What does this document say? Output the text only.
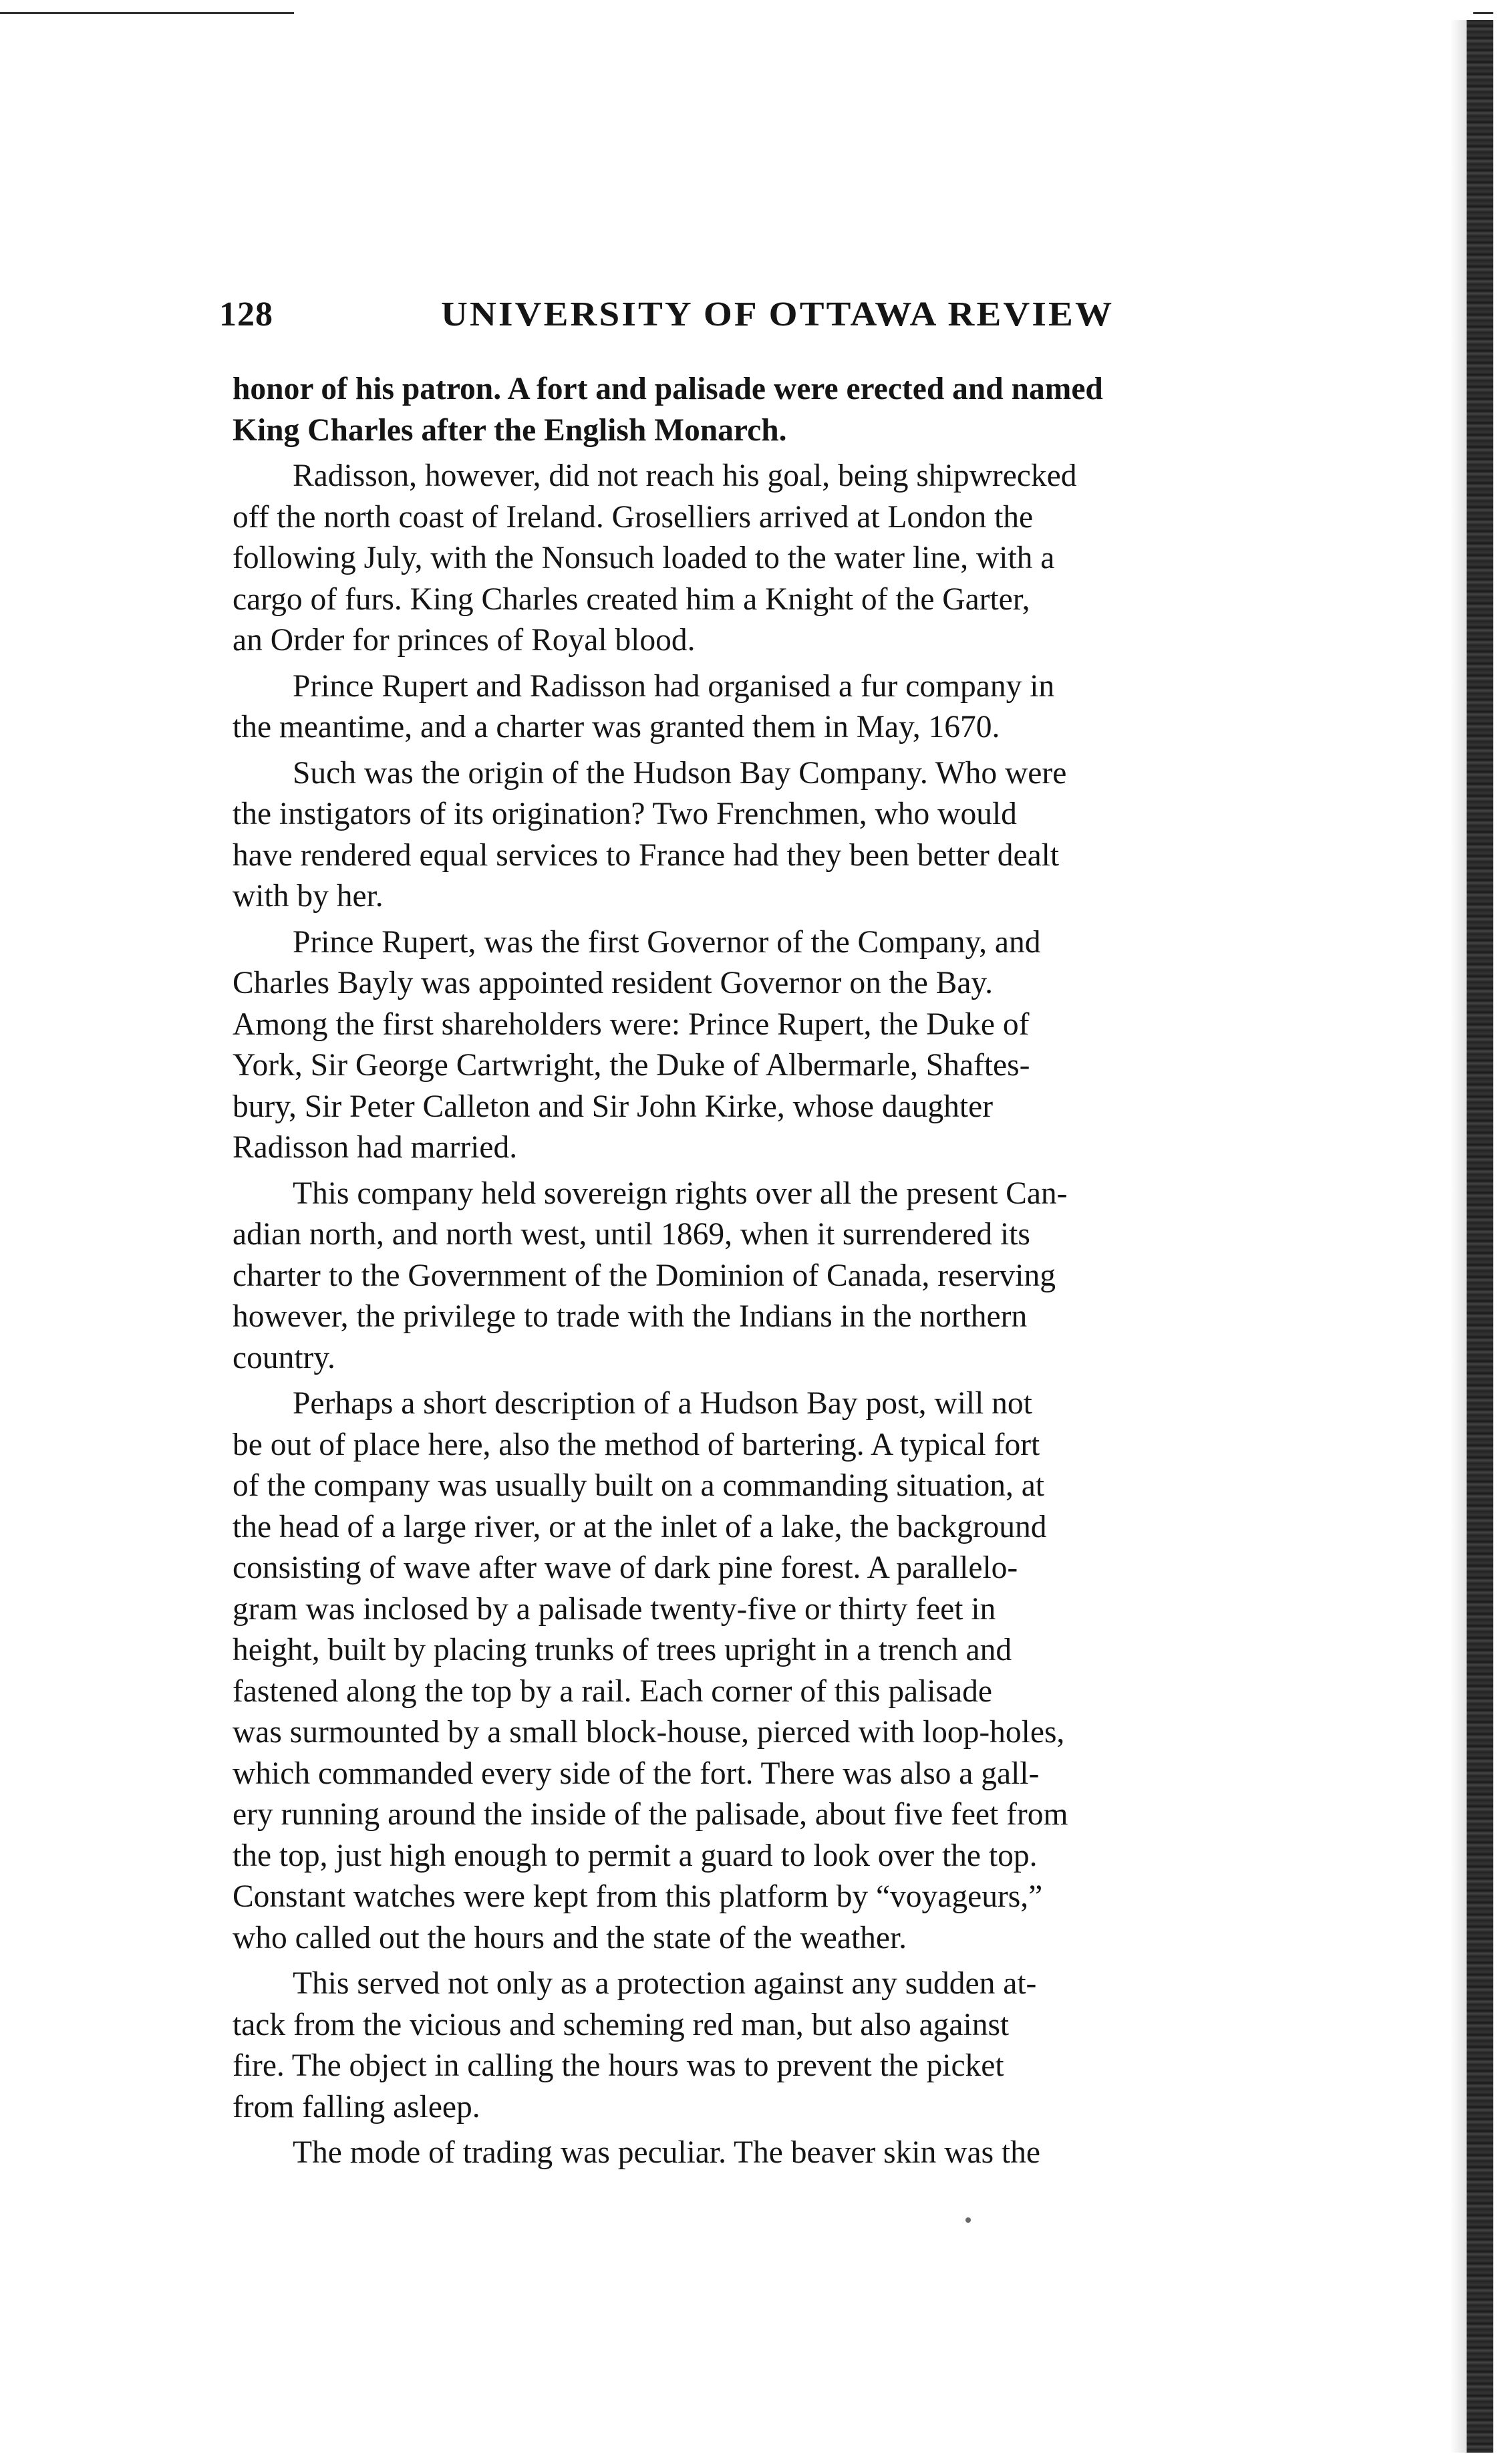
128	UNIVERSITY OF OTTAWA REVIEW
honor of his patron. A fort and palisade were erected and named
King Charles after the English Monarch.
Radisson, however, did not reach his goal, being shipwrecked
off the north coast of Ireland. Groselliers arrived at London the
following July, with the Nonsuch loaded to the water line, with a
cargo of furs. King Charles created him a Knight of the Garter,
an Order for princes of Royal blood.
Prince Rupert and Radisson had organised a fur company in
the meantime, and a charter was granted them in May, 1670.
Such was the origin of the Hudson Bay Company. Who were
the instigators of its origination? Two Frenchmen, who would
have rendered equal services to France had they been better dealt
with by her.
Prince Rupert, was the first Governor of the Company, and
Charles Bayly was appointed resident Governor on the Bay.
Among the first shareholders were: Prince Rupert, the Duke of
York, Sir George Cartwright, the Duke of Albermarle, Shaftes-
bury, Sir Peter Calleton and Sir John Kirke, whose daughter
Radisson had married.
This company held sovereign rights over all the present Can-
adian north, and north west, until 1869, when it surrendered its
charter to the Government of the Dominion of Canada, reserving
however, the privilege to trade with the Indians in the northern
country.
Perhaps a short description of a Hudson Bay post, will not
be out of place here, also the method of bartering. A typical fort
of the company was usually built on a commanding situation, at
the head of a large river, or at the inlet of a lake, the background
consisting of wave after wave of dark pine forest. A parallelo-
gram was inclosed by a palisade twenty-five or thirty feet in
height, built by placing trunks of trees upright in a trench and
fastened along the top by a rail. Each corner of this palisade
was surmounted by a small block-house, pierced with loop-holes,
which commanded every side of the fort. There was also a gall-
ery running around the inside of the palisade, about five feet from
the top, just high enough to permit a guard to look over the top.
Constant watches were kept from this platform by “voyageurs,”
who called out the hours and the state of the weather.
This served not only as a protection against any sudden at-
tack from the vicious and scheming red man, but also against
fire. The object in calling the hours was to prevent the picket
from falling asleep.
The mode of trading was peculiar. The beaver skin was the
